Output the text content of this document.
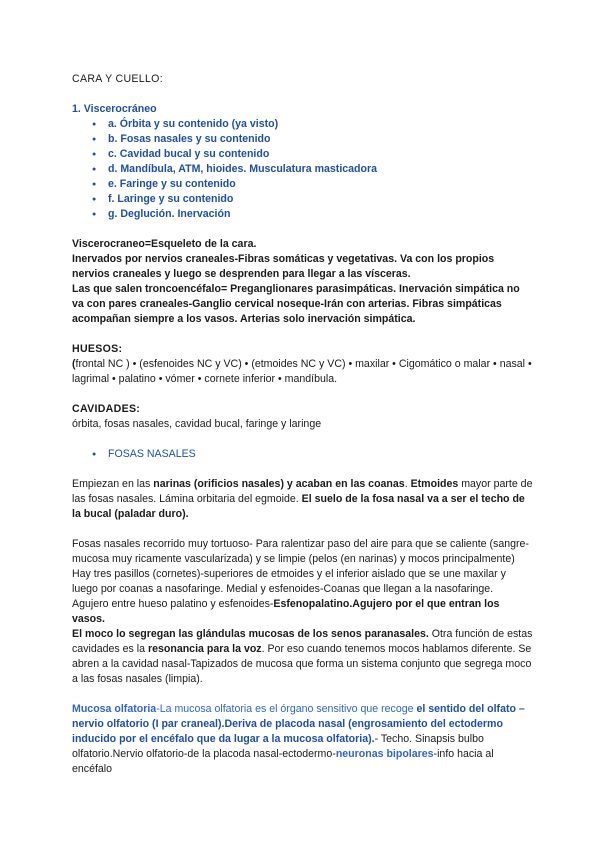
CARA Y CUELLO:

1. Viscerocráneo

● a. Órbita y su contenido (ya visto)
● b. Fosas nasales y su contenido
● c. Cavidad bucal y su contenido
● d. Mandíbula, ATM, hioides. Musculatura masticadora
● e. Faringe y su contenido
● f. Laringe y su contenido
● g. Deglución. Inervación

Viscerocraneo=Esqueleto de la cara.

Inervados por nervios craneales-Fibras somáticas y vegetativas. Va con los propios nervios craneales y luego se desprenden para llegar a las vísceras.

Las que salen troncoencéfalo= Preganglionares parasimpáticas. Inervación simpática no va con pares craneales-Ganglio cervical noseque-Irán con arterias. Fibras simpáticas acompañan siempre a los vasos. Arterias solo inervación simpática.

HUESOS:

(frontal NC ) • (esfenoides NC y VC) • (etmoides NC y VC) • maxilar • Cigomático o malar • nasal • lagrimal • palatino • vómer • cornete inferior • mandíbula.

CAVIDADES:

órbita, fosas nasales, cavidad bucal, faringe y laringe

● FOSAS NASALES

Empiezan en las narinas (orificios nasales) y acaban en las coanas. Etmoides mayor parte de las fosas nasales. Lámina orbitaria del egmoide. El suelo de la fosa nasal va a ser el techo de la bucal (paladar duro).

Fosas nasales recorrido muy tortuoso- Para ralentizar paso del aire para que se caliente (sangre-mucosa muy ricamente vascularizada) y se limpie (pelos (en narinas) y mocos principalmente) Hay tres pasillos (cornetes)-superiores de etmoides y el inferior aislado que se une maxilar y luego por coanas a nasofaringe. Medial y esfenoides-Coanas que llegan a la nasofaringe.

Agujero entre hueso palatino y esfenoides-Esfenopalatino.Agujero por el que entran los vasos.

El moco lo segregan las glándulas mucosas de los senos paranasales. Otra función de estas cavidades es la resonancia para la voz. Por eso cuando tenemos mocos hablamos diferente. Se abren a la cavidad nasal-Tapizados de mucosa que forma un sistema conjunto que segrega moco a las fosas nasales (limpia).

Mucosa olfatoria-La mucosa olfatoria es el órgano sensitivo que recoge el sentido del olfato – nervio olfatorio (I par craneal).Deriva de placoda nasal (engrosamiento del ectodermo inducido por el encéfalo que da lugar a la mucosa olfatoria).- Techo. Sinapsis bulbo olfatorio.Nervio olfatorio-de la placoda nasal-ectodermo-neuronas bipolares-info hacia al encéfalo
